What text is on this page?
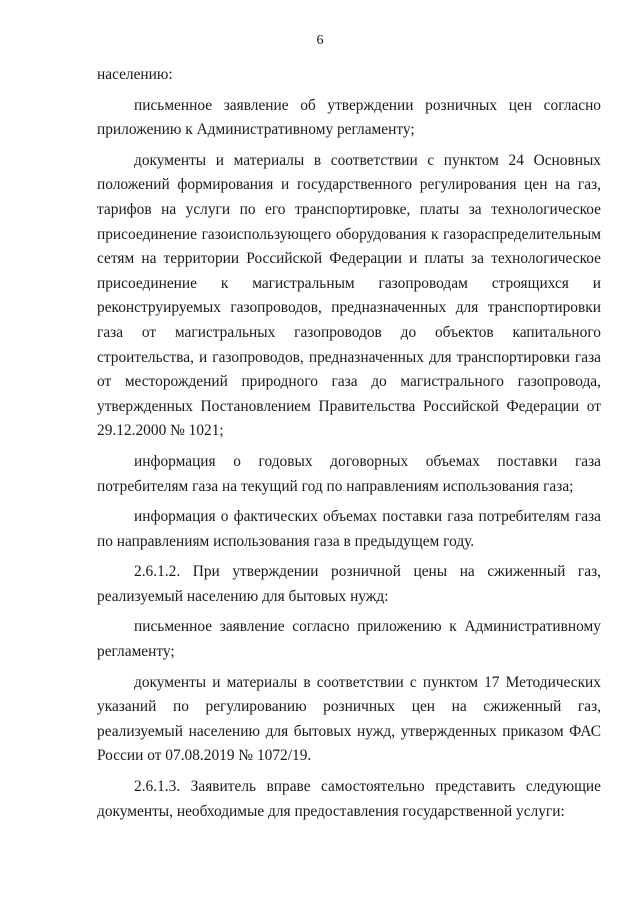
6

населению:

письменное заявление об утверждении розничных цен согласно приложению к Административному регламенту;

документы и материалы в соответствии с пунктом 24 Основных положений формирования и государственного регулирования цен на газ, тарифов на услуги по его транспортировке, платы за технологическое присоединение газоиспользующего оборудования к газораспределительным сетям на территории Российской Федерации и платы за технологическое присоединение к магистральным газопроводам строящихся и реконструируемых газопроводов, предназначенных для транспортировки газа от магистральных газопроводов до объектов капитального строительства, и газопроводов, предназначенных для транспортировки газа от месторождений природного газа до магистрального газопровода, утвержденных Постановлением Правительства Российской Федерации от 29.12.2000 № 1021;

информация о годовых договорных объемах поставки газа потребителям газа на текущий год по направлениям использования газа;

информация о фактических объемах поставки газа потребителям газа по направлениям использования газа в предыдущем году.

2.6.1.2. При утверждении розничной цены на сжиженный газ, реализуемый населению для бытовых нужд:

письменное заявление согласно приложению к Административному регламенту;

документы и материалы в соответствии с пунктом 17 Методических указаний по регулированию розничных цен на сжиженный газ, реализуемый населению для бытовых нужд, утвержденных приказом ФАС России от 07.08.2019 № 1072/19.

2.6.1.3. Заявитель вправе самостоятельно представить следующие документы, необходимые для предоставления государственной услуги:
